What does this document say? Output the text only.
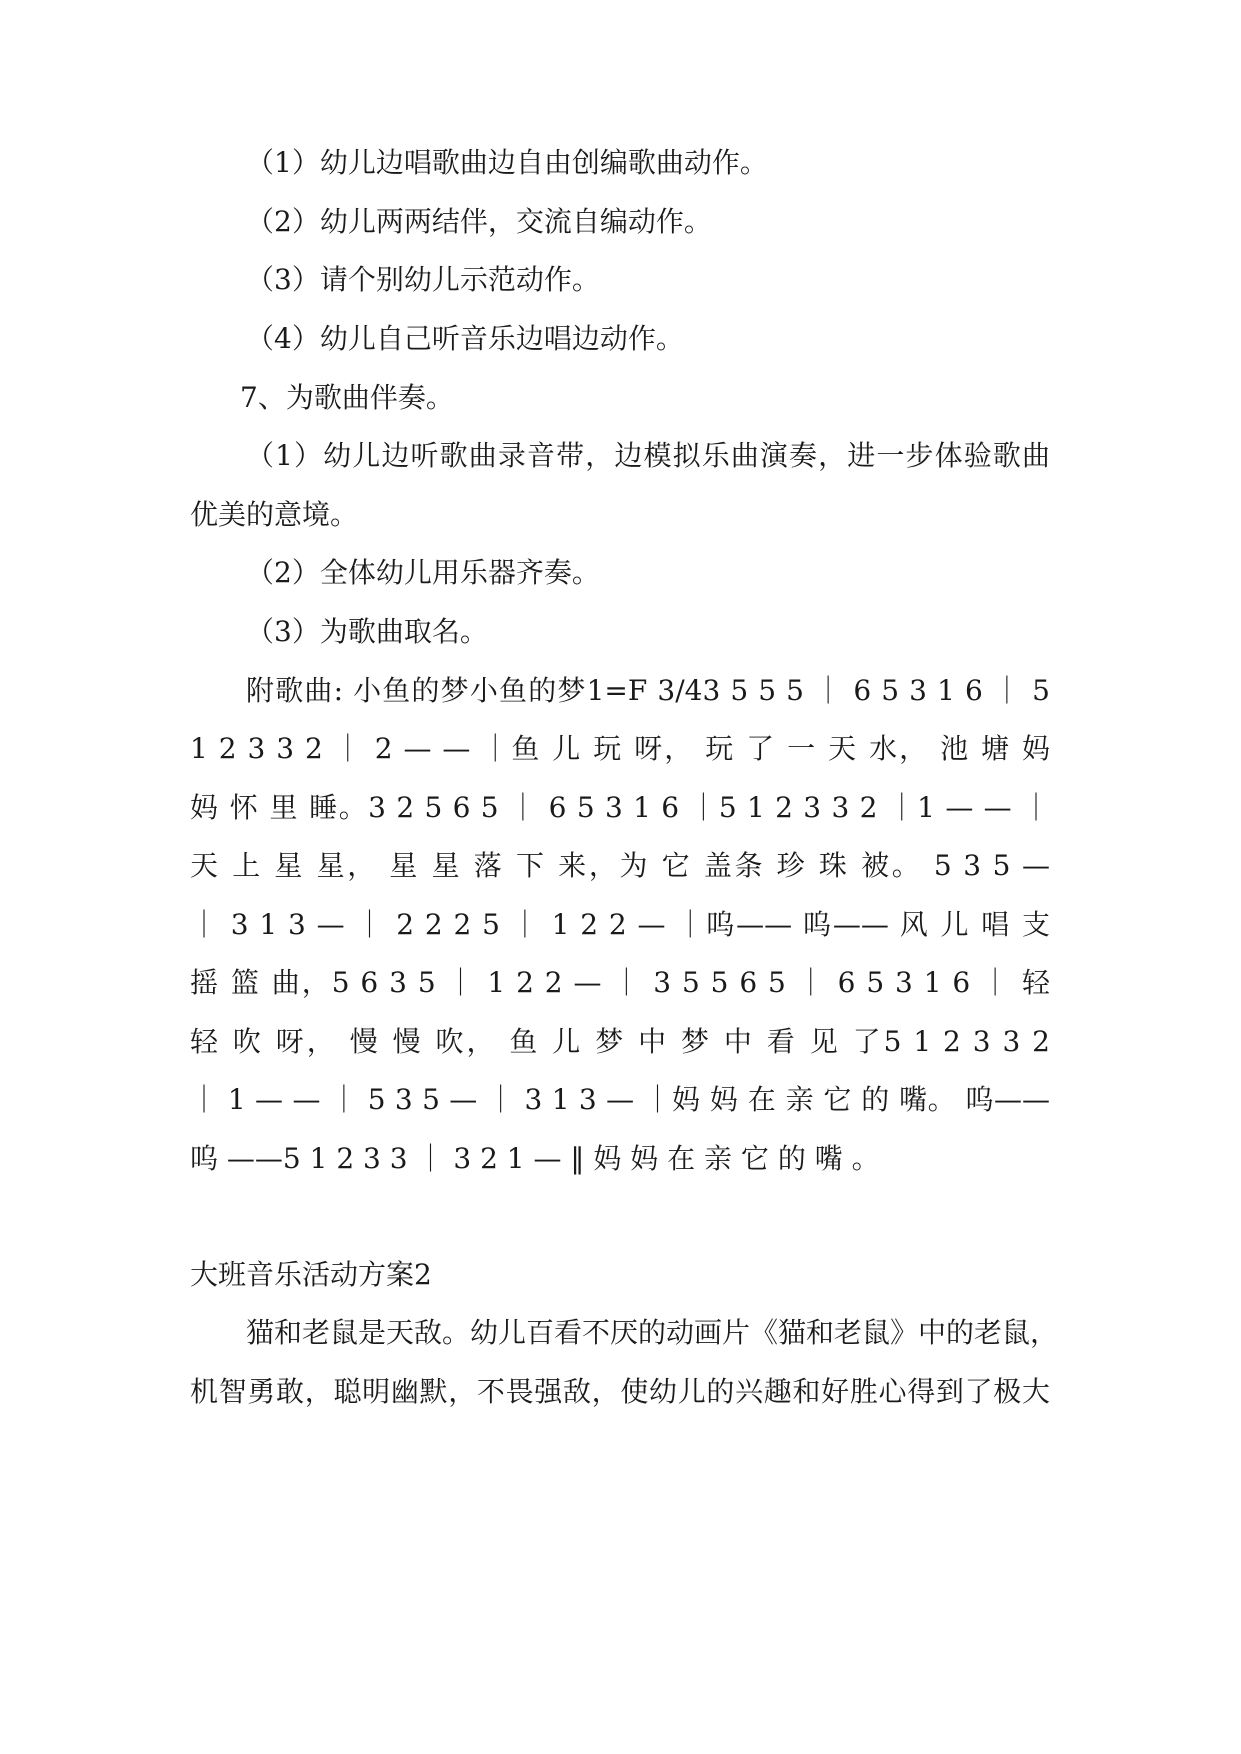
（1）幼儿边唱歌曲边自由创编歌曲动作。
（2）幼儿两两结伴，交流自编动作。
（3）请个别幼儿示范动作。
（4）幼儿自己听音乐边唱边动作。
7、为歌曲伴奏。
（1）幼儿边听歌曲录音带，边模拟乐曲演奏，进一步体验歌曲
优美的意境。
（2）全体幼儿用乐器齐奏。
（3）为歌曲取名。
附歌曲: 小鱼的梦小鱼的梦1=F 3/43 5 5 5 ｜ 6 5 3 1 6 ｜ 5
1 2 3 3 2 ｜ 2 — — ｜鱼 儿 玩 呀， 玩 了 一 天 水， 池 塘 妈
妈 怀 里 睡。3 2 5 6 5 ｜ 6 5 3 1 6 ｜5 1 2 3 3 2 ｜1 — — ｜
天 上 星 星， 星 星 落 下 来，为 它 盖条 珍 珠 被。 5 3 5 —
｜ 3 1 3 — ｜ 2 2 2 5 ｜ 1 2 2 — ｜呜—— 呜—— 风 儿 唱 支
摇 篮 曲，5 6 3 5 ｜ 1 2 2 — ｜ 3 5 5 6 5 ｜ 6 5 3 1 6 ｜ 轻
轻 吹 呀， 慢 慢 吹， 鱼 儿 梦 中 梦 中 看 见 了5 1 2 3 3 2
｜ 1 — — ｜ 5 3 5 — ｜ 3 1 3 — ｜妈 妈 在 亲 它 的 嘴。 呜——
呜 ——5 1 2 3 3 ｜ 3 2 1 — ‖ 妈 妈 在 亲 它 的 嘴 。
大班音乐活动方案2
猫和老鼠是天敌。幼儿百看不厌的动画片《猫和老鼠》中的老鼠，
机智勇敢，聪明幽默，不畏强敌，使幼儿的兴趣和好胜心得到了极大
